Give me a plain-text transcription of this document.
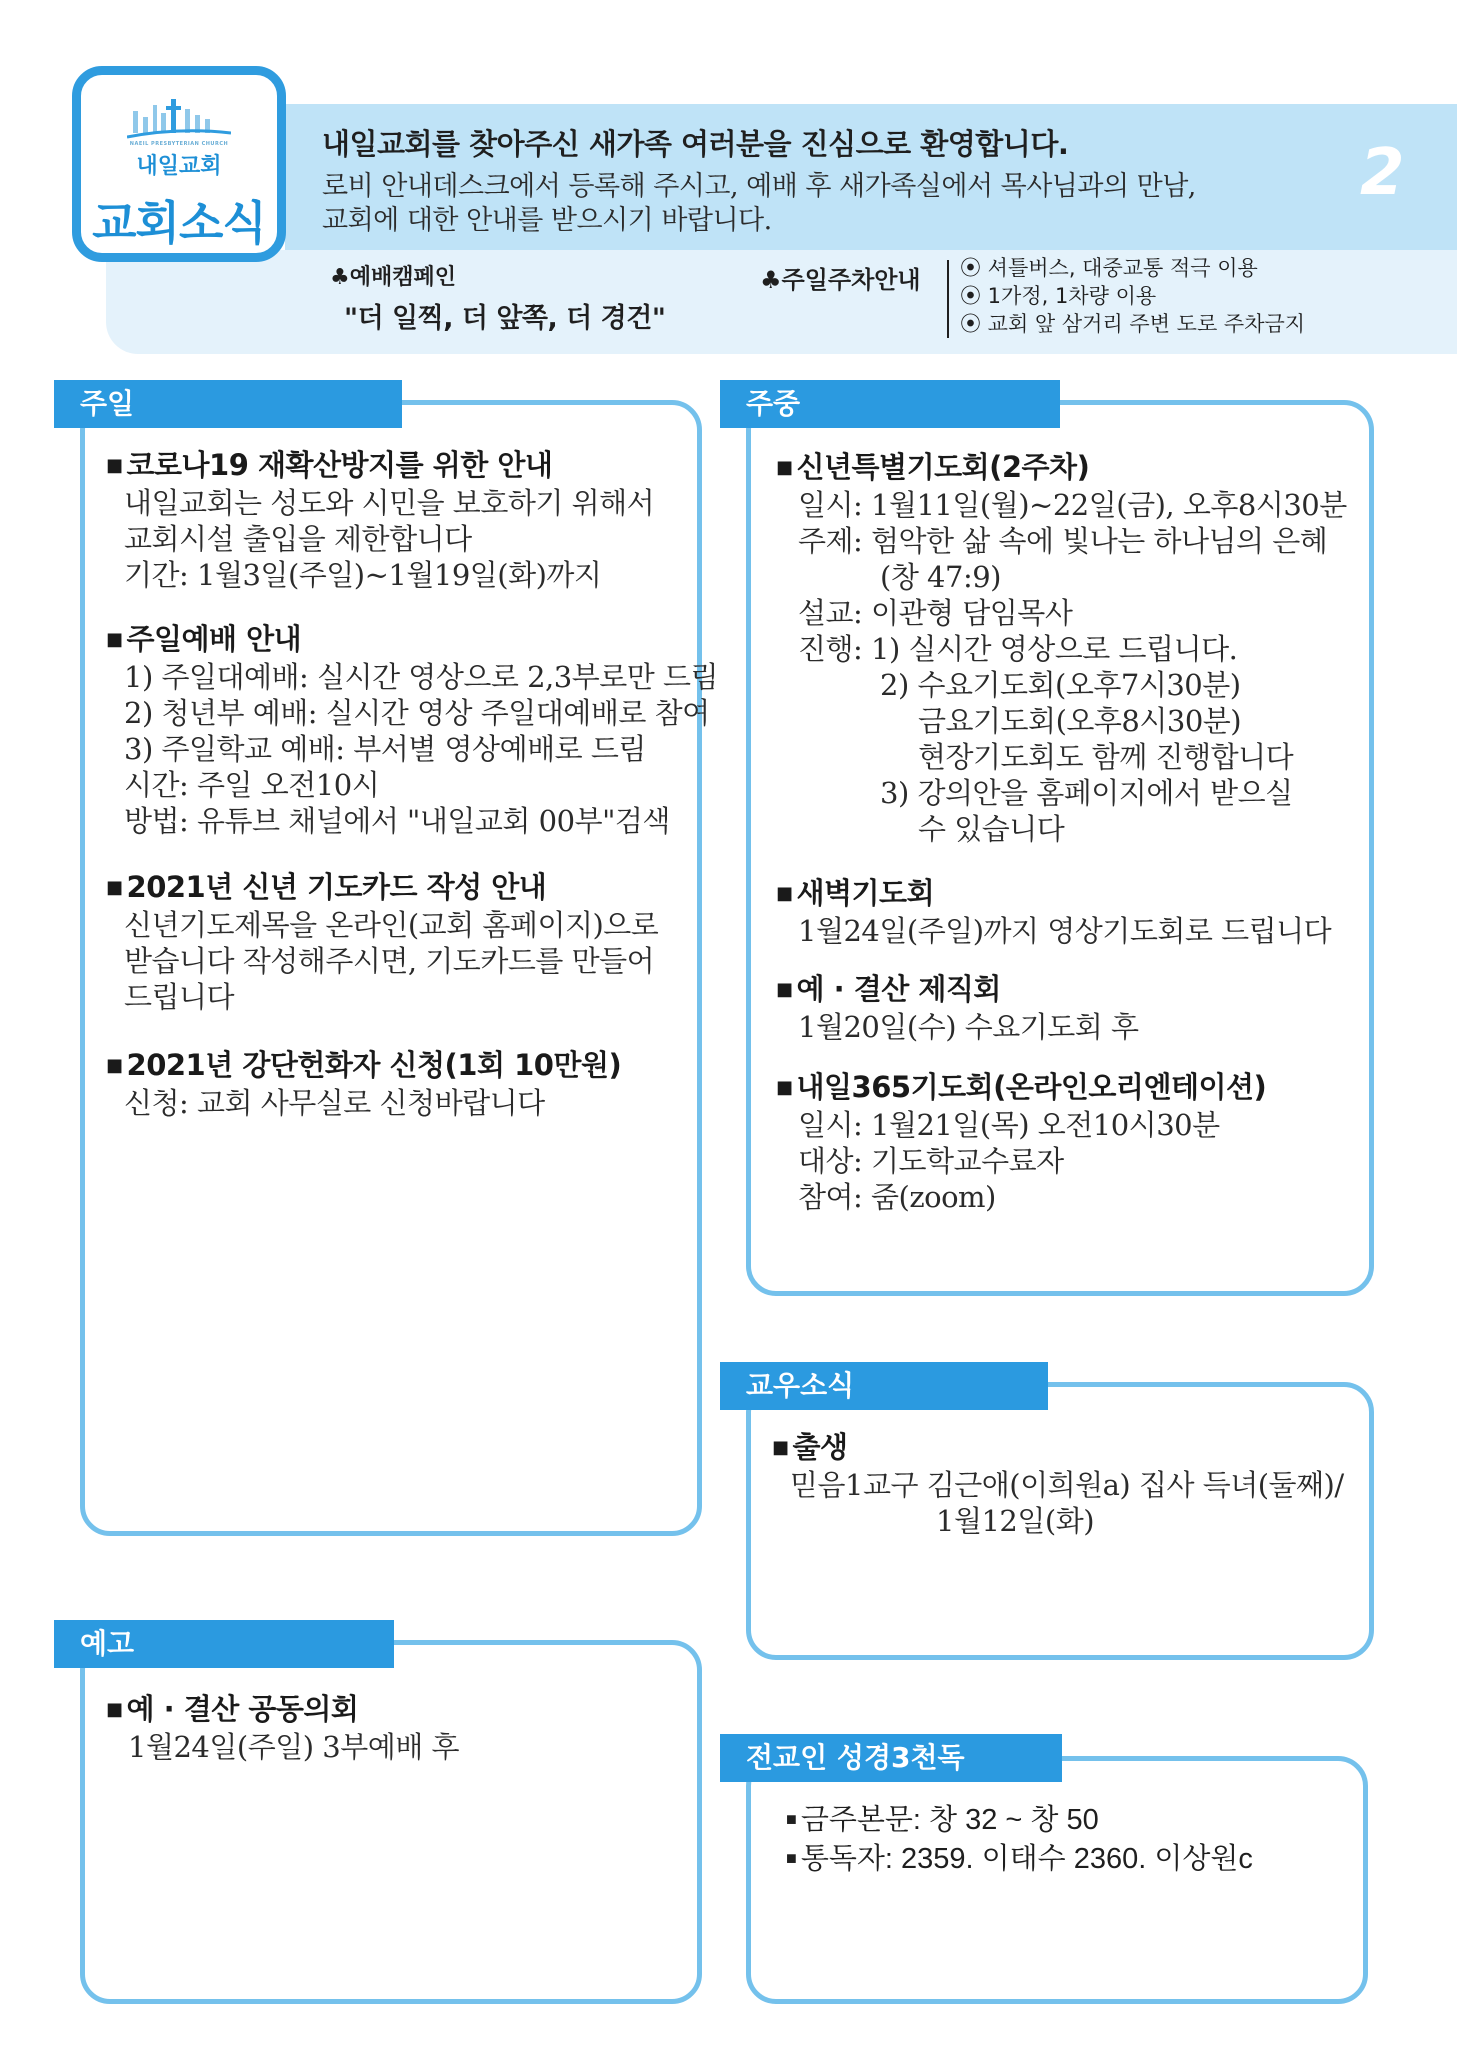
NAEIL PRESBYTERIAN CHURCH
내일교회
교회소식
내일교회를 찾아주신 새가족 여러분을 진심으로 환영합니다.
로비 안내데스크에서 등록해 주시고, 예배 후 새가족실에서 목사님과의 만남,
교회에 대한 안내를 받으시기 바랍니다.
2
♣예배캠페인
"더 일찍, 더 앞쪽, 더 경건"
♣주일주차안내 ⦿ 셔틀버스, 대중교통 적극 이용
⦿ 1가정, 1차량 이용
⦿ 교회 앞 삼거리 주변 도로 주차금지
주일
■ 코로나19 재확산방지를 위한 안내
내일교회는 성도와 시민을 보호하기 위해서
교회시설 출입을 제한합니다
기간: 1월3일(주일)~1월19일(화)까지
■ 주일예배 안내
1) 주일대예배: 실시간 영상으로 2,3부로만 드림
2) 청년부 예배: 실시간 영상 주일대예배로 참여
3) 주일학교 예배: 부서별 영상예배로 드림
시간: 주일 오전10시
방법: 유튜브 채널에서 "내일교회 00부"검색
■ 2021년 신년 기도카드 작성 안내
신년기도제목을 온라인(교회 홈페이지)으로
받습니다 작성해주시면, 기도카드를 만들어
드립니다
■ 2021년 강단헌화자 신청(1회 10만원)
신청: 교회 사무실로 신청바랍니다
주중
■ 신년특별기도회(2주차)
일시: 1월11일(월)~22일(금), 오후8시30분
주제: 험악한 삶 속에 빛나는 하나님의 은혜
(창 47:9)
설교: 이관형 담임목사
진행: 1) 실시간 영상으로 드립니다.
2) 수요기도회(오후7시30분)
금요기도회(오후8시30분)
현장기도회도 함께 진행합니다
3) 강의안을 홈페이지에서 받으실
수 있습니다
■ 새벽기도회
1월24일(주일)까지 영상기도회로 드립니다
■ 예 · 결산 제직회
1월20일(수) 수요기도회 후
■ 내일365기도회(온라인오리엔테이션)
일시: 1월21일(목) 오전10시30분
대상: 기도학교수료자
참여: 줌(zoom)
교우소식
■ 출생
믿음1교구 김근애(이희원a) 집사 득녀(둘째)/
1월12일(화)
예고
■ 예 · 결산 공동의회
1월24일(주일) 3부예배 후	전교인 성경3천독
■ 금주본문: 창 32 ~ 창 50
■ 통독자: 2359. 이태수 2360. 이상원c
